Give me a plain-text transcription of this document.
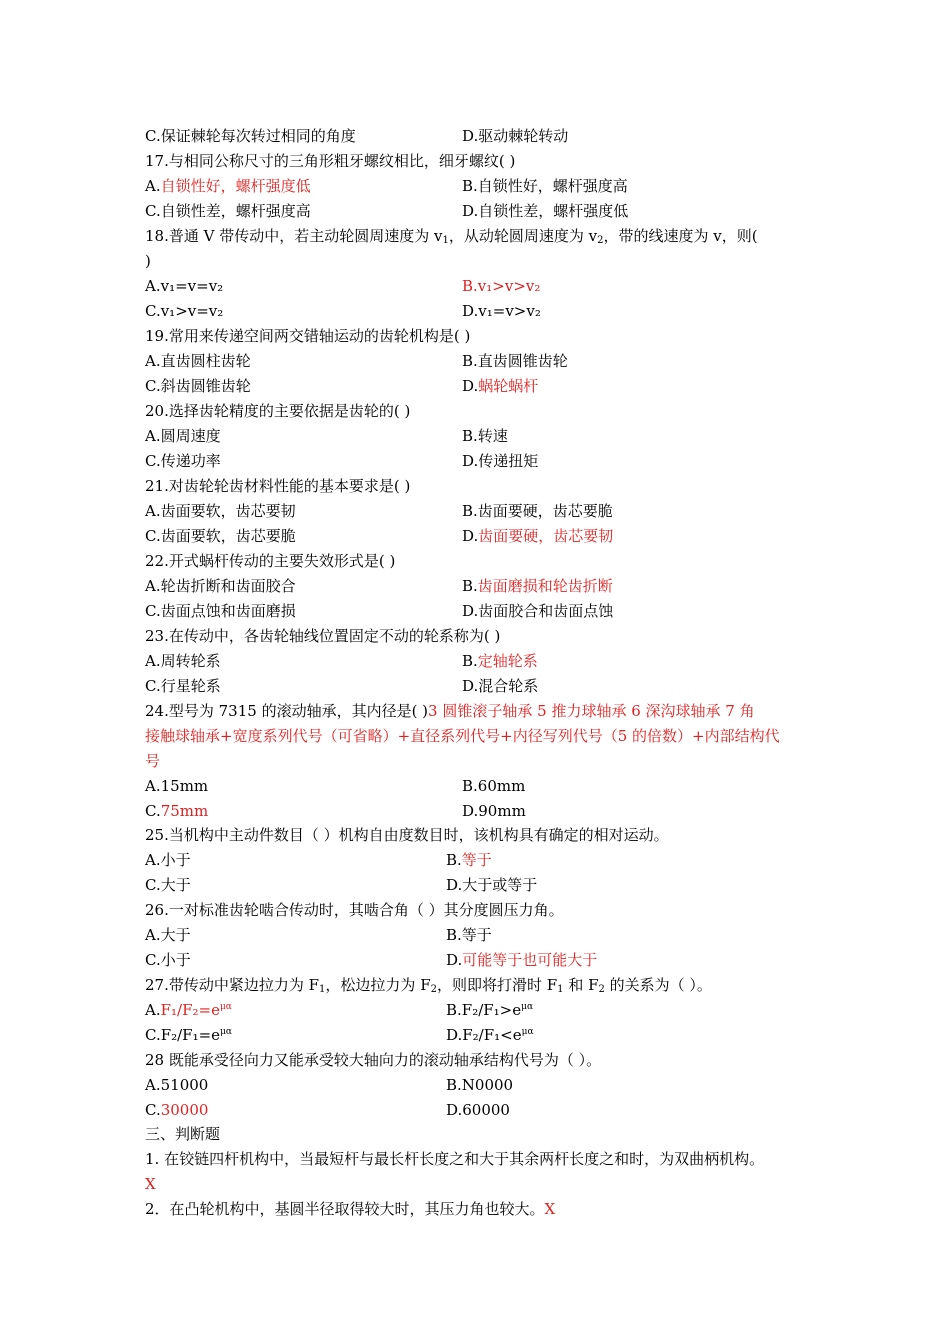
C.保证棘轮每次转过相同的角度	D.驱动棘轮转动
17.与相同公称尺寸的三角形粗牙螺纹相比，细牙螺纹( )
A.自锁性好，螺杆强度低	B.自锁性好，螺杆强度高
C.自锁性差，螺杆强度高	D.自锁性差，螺杆强度低
18.普通 V 带传动中，若主动轮圆周速度为 $v_1$，从动轮圆周速度为 $v_2$，带的线速度为 v，则(
)
A.v₁=v=v₂	B.v₁>v>v₂
C.v₁>v=v₂	D.v₁=v>v₂
19.常用来传递空间两交错轴运动的齿轮机构是( )
A.直齿圆柱齿轮	B.直齿圆锥齿轮
C.斜齿圆锥齿轮	D.蜗轮蜗杆
20.选择齿轮精度的主要依据是齿轮的( )
A.圆周速度	B.转速
C.传递功率	D.传递扭矩
21.对齿轮轮齿材料性能的基本要求是( )
A.齿面要软，齿芯要韧	B.齿面要硬，齿芯要脆
C.齿面要软，齿芯要脆	D.齿面要硬，齿芯要韧
22.开式蜗杆传动的主要失效形式是( )
A.轮齿折断和齿面胶合	B.齿面磨损和轮齿折断
C.齿面点蚀和齿面磨损	D.齿面胶合和齿面点蚀
23.在传动中，各齿轮轴线位置固定不动的轮系称为( )
A.周转轮系	B.定轴轮系
C.行星轮系	D.混合轮系
24.型号为 7315 的滚动轴承，其内径是( )3 圆锥滚子轴承 5 推力球轴承 6 深沟球轴承 7 角
接触球轴承+宽度系列代号（可省略）+直径系列代号+内径写列代号（5 的倍数）+内部结构代
号
A.15mm	B.60mm
C.75mm	D.90mm
25.当机构中主动件数目（ ）机构自由度数目时，该机构具有确定的相对运动。
A.小于	B.等于
C.大于	D.大于或等于
26.一对标准齿轮啮合传动时，其啮合角（ ）其分度圆压力角。
A.大于	B.等于
C.小于	D.可能等于也可能大于
27.带传动中紧边拉力为 $F_1$，松边拉力为 $F_2$，则即将打滑时 $F_1$ 和 $F_2$ 的关系为（ ）。
$A.F_1/F_2=e^{\mu\alpha}$	$B.F_2/F_1>e^{\mu\alpha}$
$C.F_2/F_1=e^{\mu\alpha}$	$D.F_2/F_1<e^{\mu\alpha}$
28 既能承受径向力又能承受较大轴向力的滚动轴承结构代号为（ ）。
A.51000	B.N0000
C.30000	D.60000
三、判断题
1. 在铰链四杆机构中，当最短杆与最长杆长度之和大于其余两杆长度之和时，为双曲柄机构。
X
2．在凸轮机构中，基圆半径取得较大时，其压力角也较大。X
